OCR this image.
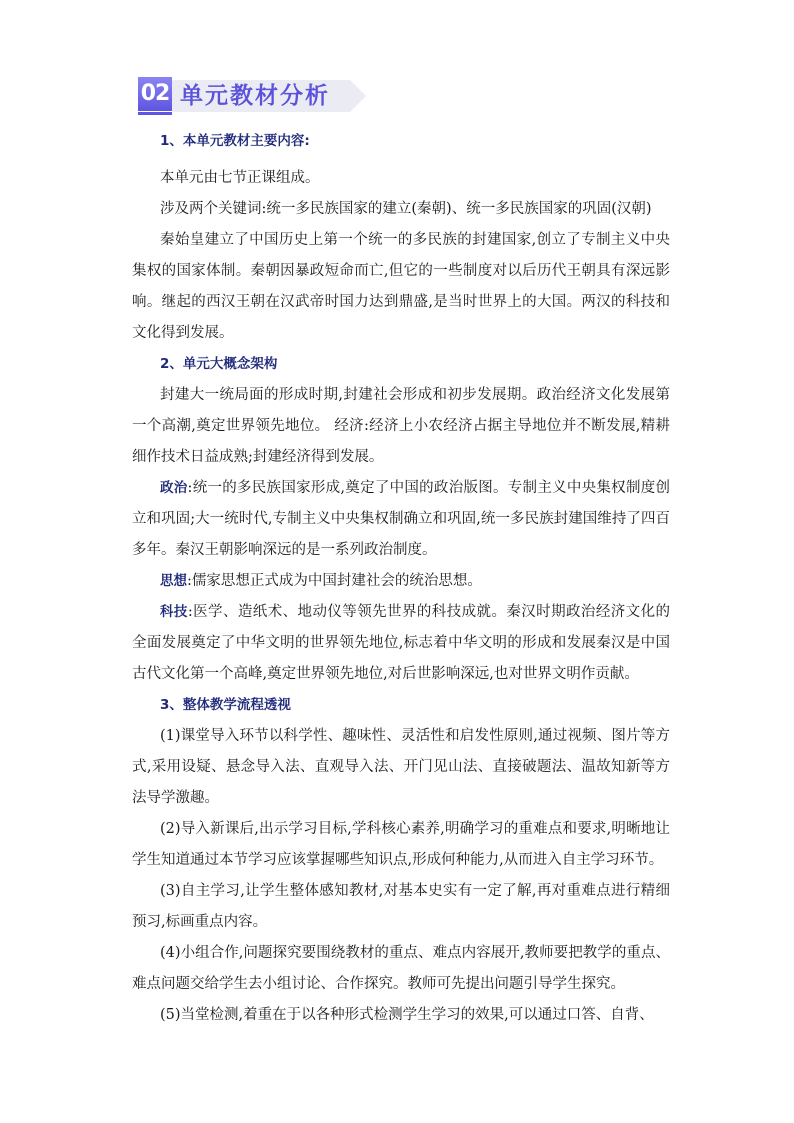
02 单元教材分析

1、本单元教材主要内容:

本单元由七节正课组成。

涉及两个关键词:统一多民族国家的建立(秦朝)、统一多民族国家的巩固(汉朝)

秦始皇建立了中国历史上第一个统一的多民族的封建国家,创立了专制主义中央集权的国家体制。秦朝因暴政短命而亡,但它的一些制度对以后历代王朝具有深远影响。继起的西汉王朝在汉武帝时国力达到鼎盛,是当时世界上的大国。两汉的科技和文化得到发展。

2、单元大概念架构

封建大一统局面的形成时期,封建社会形成和初步发展期。政治经济文化发展第一个高潮,奠定世界领先地位。 经济:经济上小农经济占据主导地位并不断发展,精耕细作技术日益成熟;封建经济得到发展。

政治:统一的多民族国家形成,奠定了中国的政治版图。专制主义中央集权制度创立和巩固;大一统时代,专制主义中央集权制确立和巩固,统一多民族封建国维持了四百多年。秦汉王朝影响深远的是一系列政治制度。

思想:儒家思想正式成为中国封建社会的统治思想。

科技:医学、造纸术、地动仪等领先世界的科技成就。秦汉时期政治经济文化的全面发展奠定了中华文明的世界领先地位,标志着中华文明的形成和发展秦汉是中国古代文化第一个高峰,奠定世界领先地位,对后世影响深远,也对世界文明作贡献。

3、整体教学流程透视

(1)课堂导入环节以科学性、趣味性、灵活性和启发性原则,通过视频、图片等方式,采用设疑、悬念导入法、直观导入法、开门见山法、直接破题法、温故知新等方法导学激趣。

(2)导入新课后,出示学习目标,学科核心素养,明确学习的重难点和要求,明晰地让学生知道通过本节学习应该掌握哪些知识点,形成何种能力,从而进入自主学习环节。

(3)自主学习,让学生整体感知教材,对基本史实有一定了解,再对重难点进行精细预习,标画重点内容。

(4)小组合作,问题探究要围绕教材的重点、难点内容展开,教师要把教学的重点、难点问题交给学生去小组讨论、合作探究。教师可先提出问题引导学生探究。

(5)当堂检测,着重在于以各种形式检测学生学习的效果,可以通过口答、自背、
